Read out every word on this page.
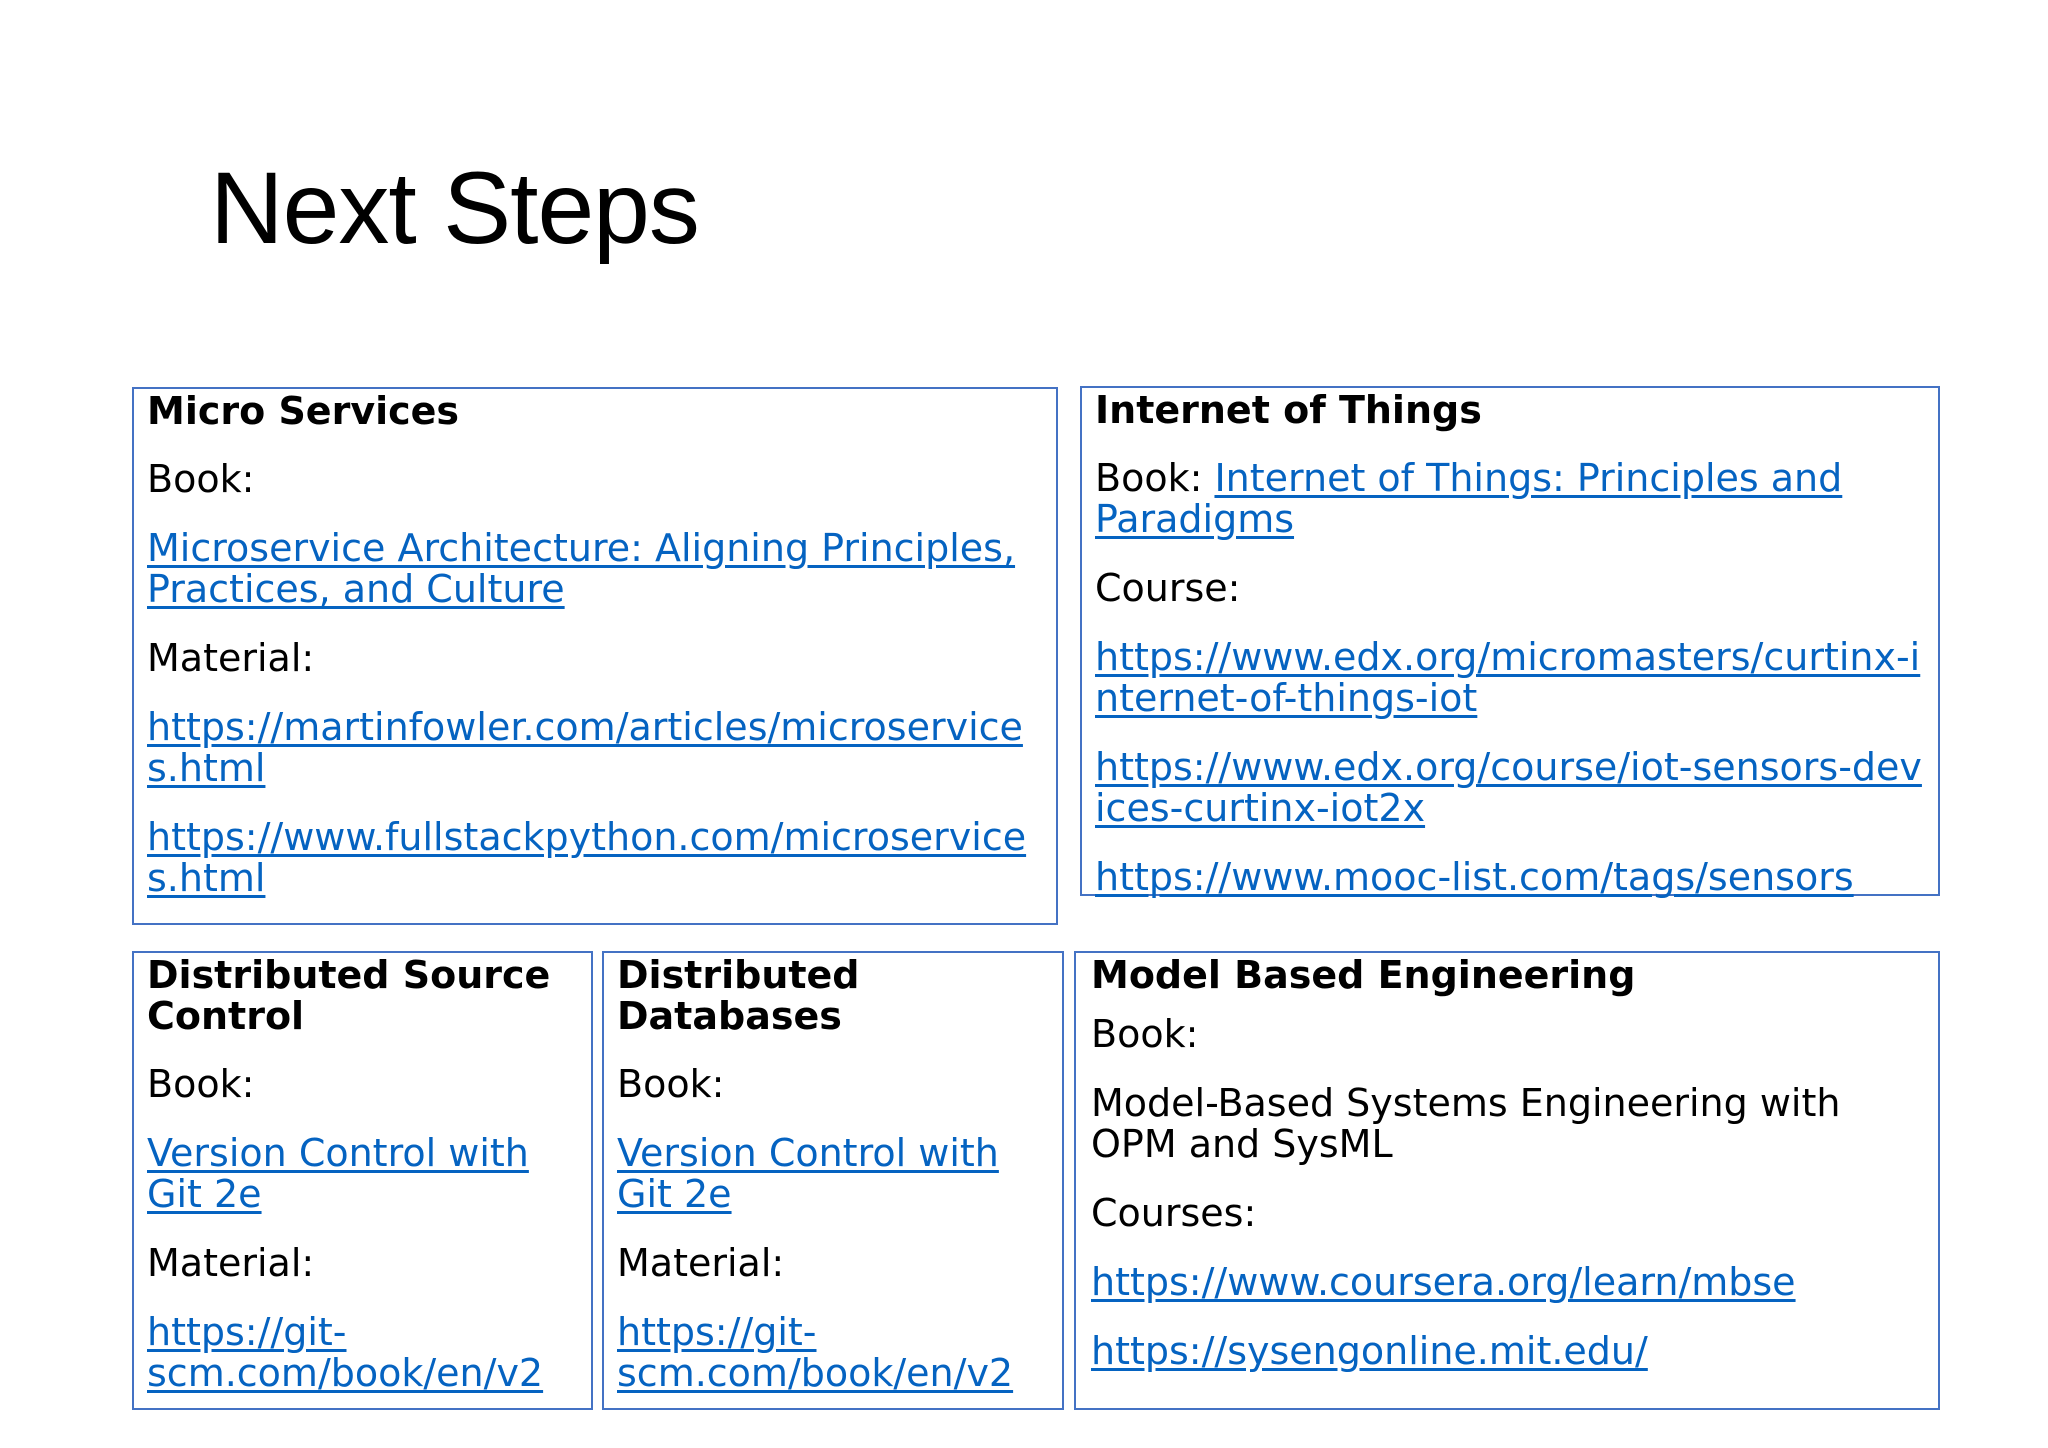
Next Steps
Micro Services

Book:

Microservice Architecture: Aligning Principles, Practices, and Culture

Material:

https://martinfowler.com/articles/microservices.html

https://www.fullstackpython.com/microservices.html

Internet of Things

Book: Internet of Things: Principles and Paradigms

Course:

https://www.edx.org/micromasters/curtinx-internet-of-things-iot

https://www.edx.org/course/iot-sensors-devices-curtinx-iot2x

https://www.mooc-list.com/tags/sensors

Distributed Source Control

Book:

Version Control with Git 2e

Material:

https://git-scm.com/book/en/v2

Distributed Databases

Book:

Version Control with Git 2e

Material:

https://git-scm.com/book/en/v2

Model Based Engineering

Book:

Model-Based Systems Engineering with OPM and SysML

Courses:

https://www.coursera.org/learn/mbse

https://sysengonline.mit.edu/
